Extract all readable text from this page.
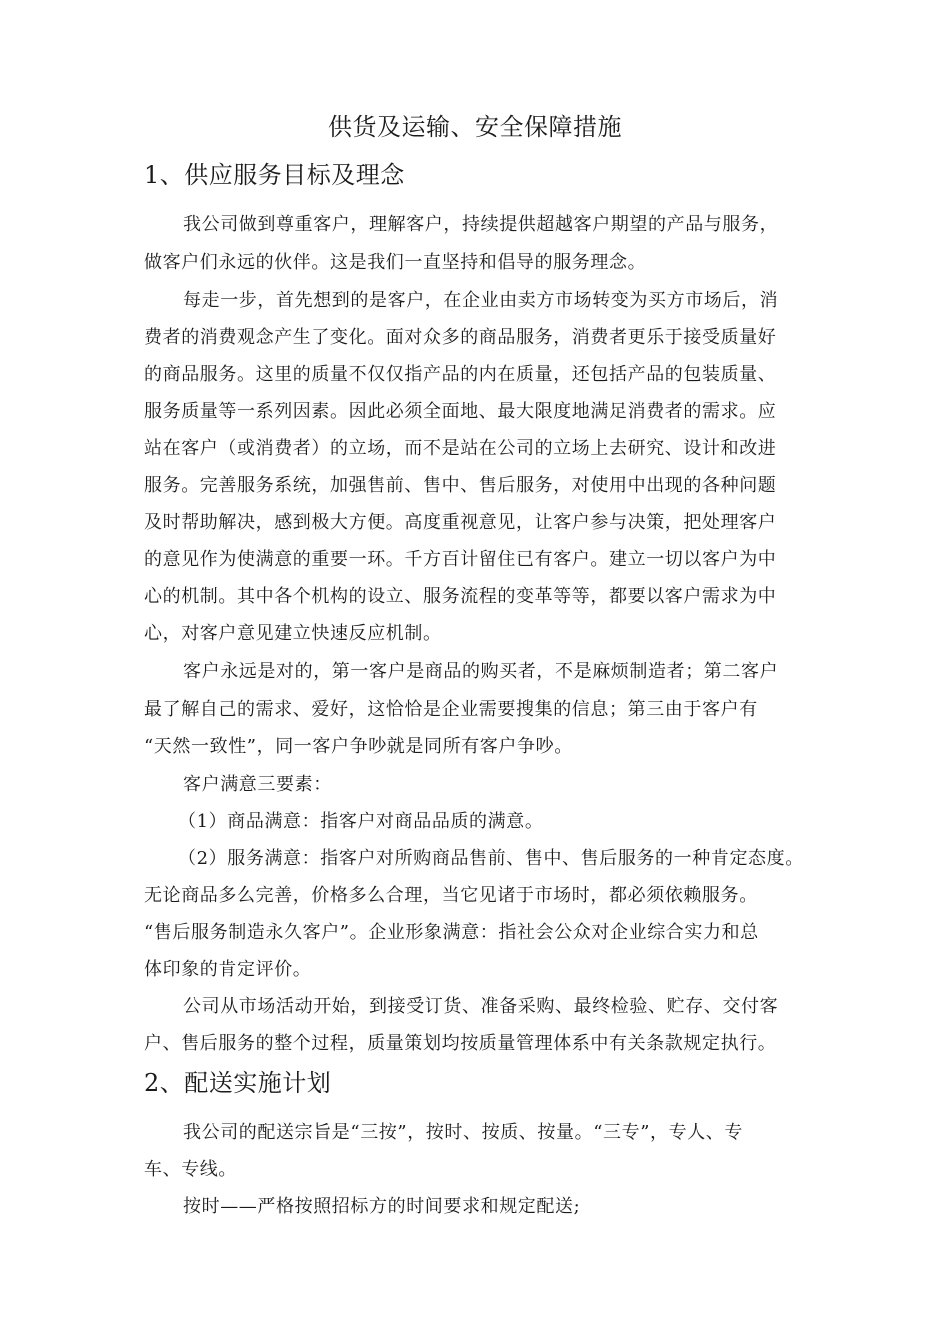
供货及运输、安全保障措施
1、供应服务目标及理念
我公司做到尊重客户，理解客户，持续提供超越客户期望的产品与服务，
做客户们永远的伙伴。这是我们一直坚持和倡导的服务理念。
每走一步，首先想到的是客户，在企业由卖方市场转变为买方市场后，消
费者的消费观念产生了变化。面对众多的商品服务，消费者更乐于接受质量好
的商品服务。这里的质量不仅仅指产品的内在质量，还包括产品的包装质量、
服务质量等一系列因素。因此必须全面地、最大限度地满足消费者的需求。应
站在客户（或消费者）的立场，而不是站在公司的立场上去研究、设计和改进
服务。完善服务系统，加强售前、售中、售后服务，对使用中出现的各种问题
及时帮助解决，感到极大方便。高度重视意见，让客户参与决策，把处理客户
的意见作为使满意的重要一环。千方百计留住已有客户。建立一切以客户为中
心的机制。其中各个机构的设立、服务流程的变革等等，都要以客户需求为中
心，对客户意见建立快速反应机制。
客户永远是对的，第一客户是商品的购买者，不是麻烦制造者；第二客户
最了解自己的需求、爱好，这恰恰是企业需要搜集的信息；第三由于客户有
“天然一致性”，同一客户争吵就是同所有客户争吵。
客户满意三要素：
（1）商品满意：指客户对商品品质的满意。
（2）服务满意：指客户对所购商品售前、售中、售后服务的一种肯定态度。
无论商品多么完善，价格多么合理，当它见诸于市场时，都必须依赖服务。
“售后服务制造永久客户”。企业形象满意：指社会公众对企业综合实力和总
体印象的肯定评价。
公司从市场活动开始，到接受订货、准备采购、最终检验、贮存、交付客
户、售后服务的整个过程，质量策划均按质量管理体系中有关条款规定执行。
2、配送实施计划
我公司的配送宗旨是“三按”，按时、按质、按量。“三专”，专人、专
车、专线。
按时——严格按照招标方的时间要求和规定配送;
